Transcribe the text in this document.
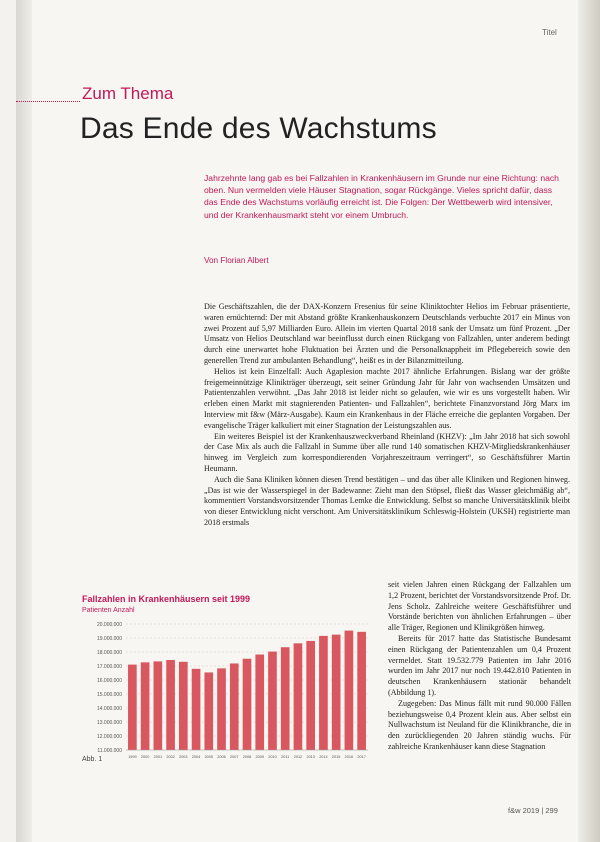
Titel
Zum Thema
Das Ende des Wachstums

Jahrzehnte lang gab es bei Fallzahlen in Krankenhäusern im Grunde nur eine Richtung: nach oben. Nun vermelden viele Häuser Stagnation, sogar Rückgänge. Vieles spricht dafür, dass das Ende des Wachstums vorläufig erreicht ist. Die Folgen: Der Wettbewerb wird intensiver, und der Krankenhausmarkt steht vor einem Umbruch.

Von Florian Albert

Die Geschäftszahlen, die der DAX-Konzern Fresenius für seine Kliniktochter Helios im Februar präsentierte, waren ernüchternd: Der mit Abstand größte Krankenhauskonzern Deutschlands verbuchte 2017 ein Minus von zwei Prozent auf 5,97 Milliarden Euro. Allein im vierten Quartal 2018 sank der Umsatz um fünf Prozent. „Der Umsatz von Helios Deutschland war beeinflusst durch einen Rückgang von Fallzahlen, unter anderem bedingt durch eine unerwartet hohe Fluktuation bei Ärzten und die Personalknappheit im Pflegebereich sowie den generellen Trend zur ambulanten Behandlung“, heißt es in der Bilanzmitteilung.

Helios ist kein Einzelfall: Auch Agaplesion machte 2017 ähnliche Erfahrungen. Bislang war der größte freigemeinnützige Klinikträger überzeugt, seit seiner Gründung Jahr für Jahr von wachsenden Umsätzen und Patientenzahlen verwöhnt. „Das Jahr 2018 ist leider nicht so gelaufen, wie wir es uns vorgestellt haben. Wir erleben einen Markt mit stagnierenden Patienten- und Fallzahlen“, berichtete Finanzvorstand Jörg Marx im Interview mit f&w (März-Ausgabe). Kaum ein Krankenhaus in der Fläche erreiche die geplanten Vorgaben. Der evangelische Träger kalkuliert mit einer Stagnation der Leistungszahlen aus.

Ein weiteres Beispiel ist der Krankenhauszweckverband Rheinland (KHZV): „Im Jahr 2018 hat sich sowohl der Case Mix als auch die Fallzahl in Summe über alle rund 140 somatischen KHZV-Mitgliedskrankenhäuser hinweg im Vergleich zum korrespondierenden Vorjahreszeitraum verringert“, so Geschäftsführer Martin Heumann.

Auch die Sana Kliniken können diesen Trend bestätigen – und das über alle Kliniken und Regionen hinweg. „Das ist wie der Wasserspiegel in der Badewanne: Zieht man den Stöpsel, fließt das Wasser gleichmäßig ab“, kommentiert Vorstandsvorsitzender Thomas Lemke die Entwicklung. Selbst so manche Universitätsklinik bleibt von dieser Entwicklung nicht verschont. Am Universitätsklinikum Schleswig-Holstein (UKSH) registrierte man 2018 erstmals

seit vielen Jahren einen Rückgang der Fallzahlen um 1,2 Prozent, berichtet der Vorstandsvorsitzende Prof. Dr. Jens Scholz. Zahlreiche weitere Geschäftsführer und Vorstände berichten von ähnlichen Erfahrungen – über alle Träger, Regionen und Klinikgrößen hinweg.

Bereits für 2017 hatte das Statistische Bundesamt einen Rückgang der Patientenzahlen um 0,4 Prozent vermeldet. Statt 19.532.779 Patienten im Jahr 2016 wurden im Jahr 2017 nur noch 19.442.810 Patienten in deutschen Krankenhäusern stationär behandelt (Abbildung 1).

Zugegeben: Das Minus fällt mit rund 90.000 Fällen beziehungsweise 0,4 Prozent klein aus. Aber selbst ein Nullwachstum ist Neuland für die Klinikbranche, die in den zurückliegenden 20 Jahren ständig wuchs. Für zahlreiche Krankenhäuser kann diese Stagnation

Fallzahlen in Krankenhäusern seit 1999
Patienten Anzahl
11.000.000
12.000.000
13.000.000
14.000.000
15.000.000
16.000.000
17.000.000
18.000.000
19.000.000
20.000.000
1999 2000 2001 2002 2003 2004 2005 2006 2007 2008 2009 2010 2011 2012 2013 2014 2015 2016 2017
Abb. 1
f&w 2019 | 299
